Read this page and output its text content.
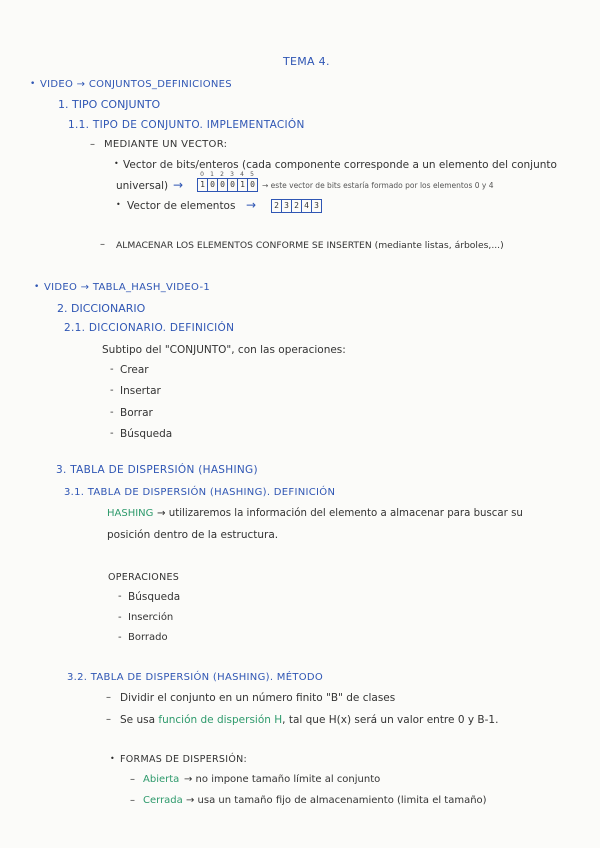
TEMA 4.
• VIDEO → CONJUNTOS_DEFINICIONES
1. TIPO CONJUNTO
1.1. TIPO DE CONJUNTO. IMPLEMENTACIÓN
– MEDIANTE UN VECTOR:
• Vector de bits/enteros (cada componente corresponde a un elemento del conjunto
universal) →
0	1	2	3	4	5
1 0 0 0 1 0 → este vector de bits estaría formado por los elementos 0 y 4
• Vector de elementos → 2 3 2 4 3
– ALMACENAR LOS ELEMENTOS CONFORME SE INSERTEN (mediante listas, árboles,...)
• VIDEO → TABLA_HASH_VIDEO-1
2. DICCIONARIO
2.1. DICCIONARIO. DEFINICIÓN
Subtipo del "CONJUNTO", con las operaciones:
- Crear
- Insertar
- Borrar
- Búsqueda
3. TABLA DE DISPERSIÓN (HASHING)
3.1. TABLA DE DISPERSIÓN (HASHING). DEFINICIÓN
HASHING → utilizaremos la información del elemento a almacenar para buscar su
posición dentro de la estructura.
OPERACIONES
- Búsqueda
- Inserción
- Borrado
3.2. TABLA DE DISPERSIÓN (HASHING). MÉTODO
– Dividir el conjunto en un número finito "B" de clases
– Se usa función de dispersión H, tal que H(x) será un valor entre 0 y B-1.
• FORMAS DE DISPERSIÓN:
– Abierta → no impone tamaño límite al conjunto
– Cerrada → usa un tamaño fijo de almacenamiento (limita el tamaño)
